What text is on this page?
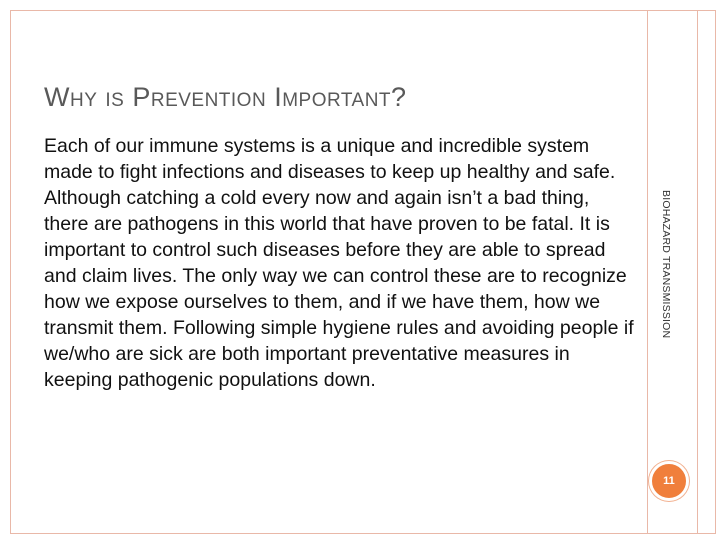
Why is Prevention Important?

Each of our immune systems is a unique and incredible system made to fight infections and diseases to keep up healthy and safe. Although catching a cold every now and again isn’t a bad thing, there are pathogens in this world that have proven to be fatal. It is important to control such diseases before they are able to spread and claim lives. The only way we can control these are to recognize how we expose ourselves to them, and if we have them, how we transmit them. Following simple hygiene rules and avoiding people if we/who are sick are both important preventative measures in keeping pathogenic populations down.

BIOHAZARD TRANSMISSION
11
